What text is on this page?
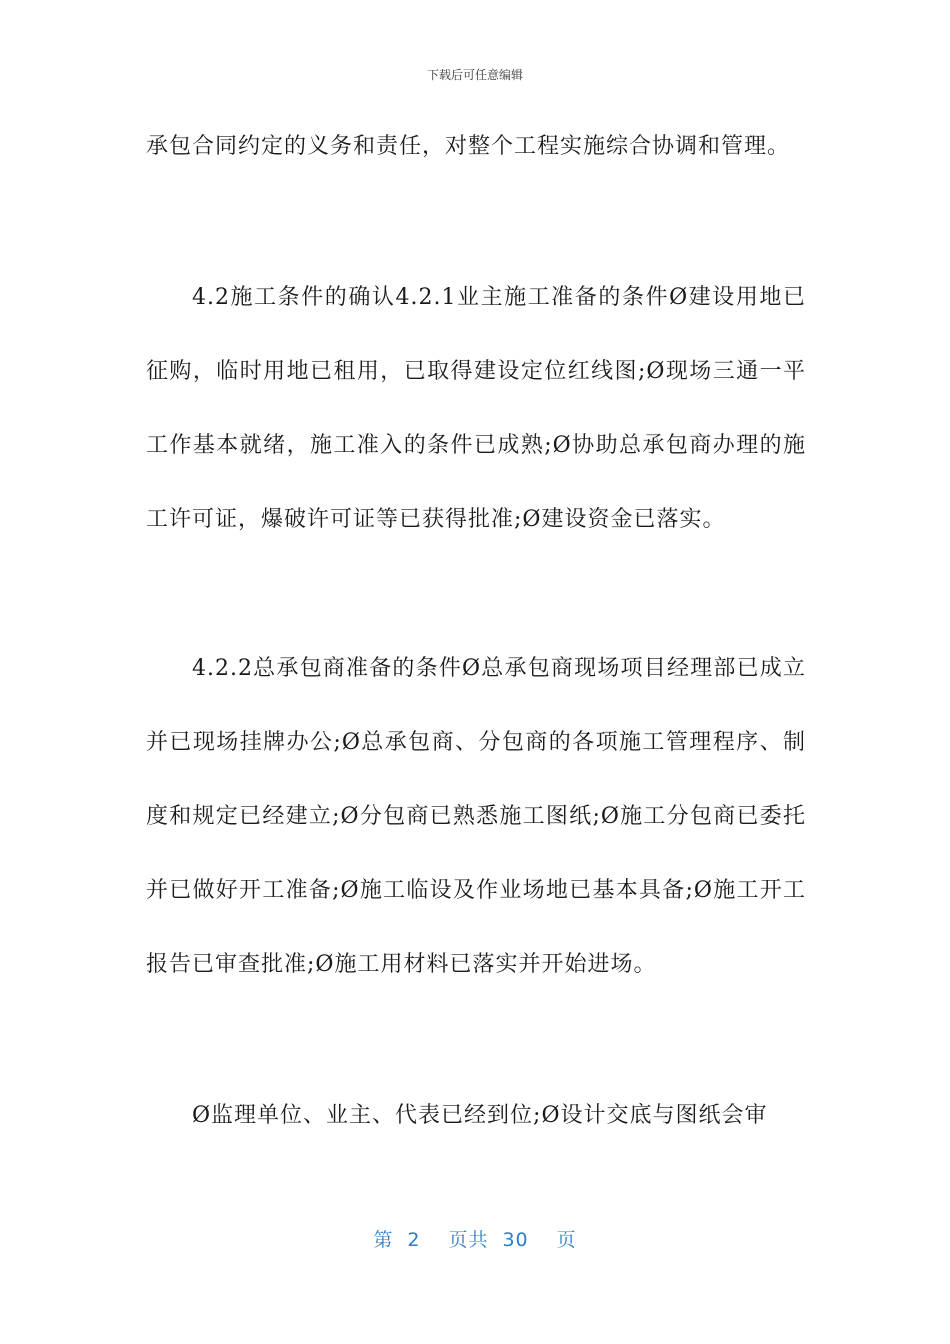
下载后可任意编辑

承包合同约定的义务和责任，对整个工程实施综合协调和管理。

4.2施工条件的确认4.2.1业主施工准备的条件Ø建设用地已征购，临时用地已租用，已取得建设定位红线图;Ø现场三通一平工作基本就绪，施工准入的条件已成熟;Ø协助总承包商办理的施工许可证，爆破许可证等已获得批准;Ø建设资金已落实。

4.2.2总承包商准备的条件Ø总承包商现场项目经理部已成立并已现场挂牌办公;Ø总承包商、分包商的各项施工管理程序、制度和规定已经建立;Ø分包商已熟悉施工图纸;Ø施工分包商已委托并已做好开工准备;Ø施工临设及作业场地已基本具备;Ø施工开工报告已审查批准;Ø施工用材料已落实并开始进场。

Ø监理单位、业主、代表已经到位;Ø设计交底与图纸会审

第 2 页共 30 页
